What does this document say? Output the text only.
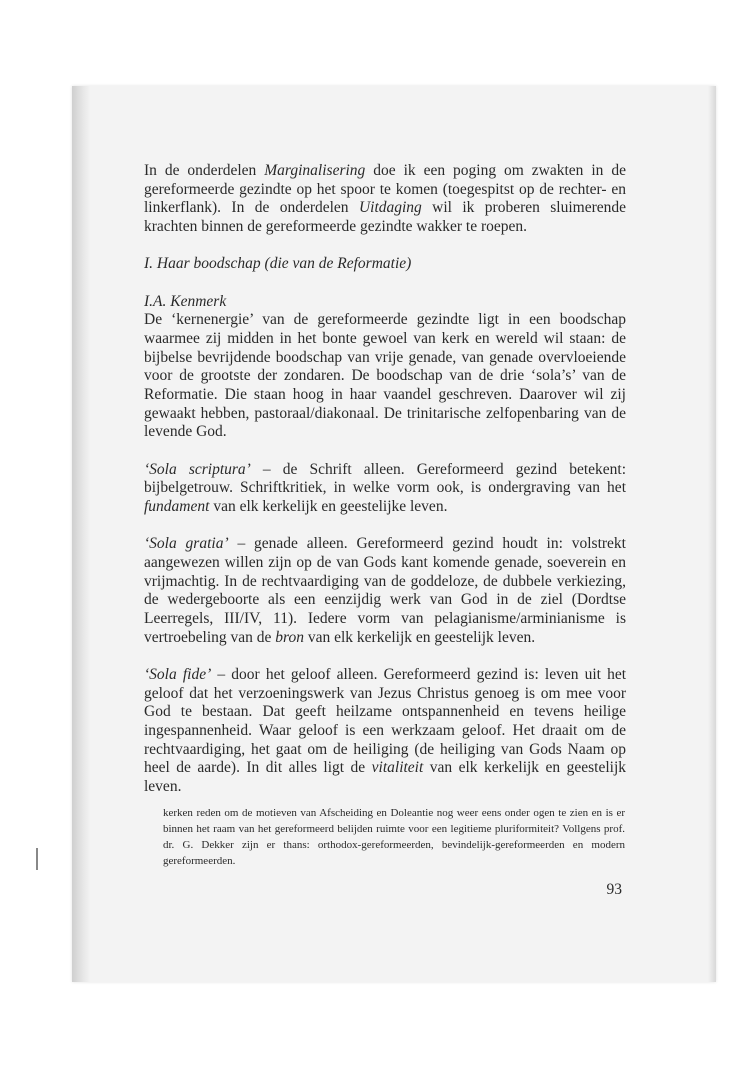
In de onderdelen Marginalisering doe ik een poging om zwakten in de gereformeerde gezindte op het spoor te komen (toegespitst op de rechter- en linkerflank). In de onderdelen Uitdaging wil ik proberen sluimerende krachten binnen de gereformeerde gezindte wakker te roepen.

I. Haar boodschap (die van de Reformatie)

I.A. Kenmerk

De ‘kernenergie’ van de gereformeerde gezindte ligt in een boodschap waarmee zij midden in het bonte gewoel van kerk en wereld wil staan: de bijbelse bevrijdende boodschap van vrije genade, van genade overvloeiende voor de grootste der zondaren. De boodschap van de drie ‘sola’s’ van de Reformatie. Die staan hoog in haar vaandel geschreven. Daarover wil zij gewaakt hebben, pastoraal/diakonaal. De trinitarische zelfopenbaring van de levende God.

‘Sola scriptura’ – de Schrift alleen. Gereformeerd gezind betekent: bijbelgetrouw. Schriftkritiek, in welke vorm ook, is ondergraving van het fundament van elk kerkelijk en geestelijke leven.

‘Sola gratia’ – genade alleen. Gereformeerd gezind houdt in: volstrekt aangewezen willen zijn op de van Gods kant komende genade, soeverein en vrijmachtig. In de rechtvaardiging van de goddeloze, de dubbele verkiezing, de wedergeboorte als een eenzijdig werk van God in de ziel (Dordtse Leerregels, III/IV, 11). Iedere vorm van pelagianisme/arminianisme is vertroebeling van de bron van elk kerkelijk en geestelijk leven.

‘Sola fide’ – door het geloof alleen. Gereformeerd gezind is: leven uit het geloof dat het verzoeningswerk van Jezus Christus genoeg is om mee voor God te bestaan. Dat geeft heilzame ontspannenheid en tevens heilige ingespannenheid. Waar geloof is een werkzaam geloof. Het draait om de rechtvaardiging, het gaat om de heiliging (de heiliging van Gods Naam op heel de aarde). In dit alles ligt de vitaliteit van elk kerkelijk en geestelijk leven.

kerken reden om de motieven van Afscheiding en Doleantie nog weer eens onder ogen te zien en is er binnen het raam van het gereformeerd belijden ruimte voor een legitieme pluriformiteit? Vollgens prof. dr. G. Dekker zijn er thans: orthodox-gereformeerden, bevindelijk-gereformeerden en modern gereformeerden.
93
